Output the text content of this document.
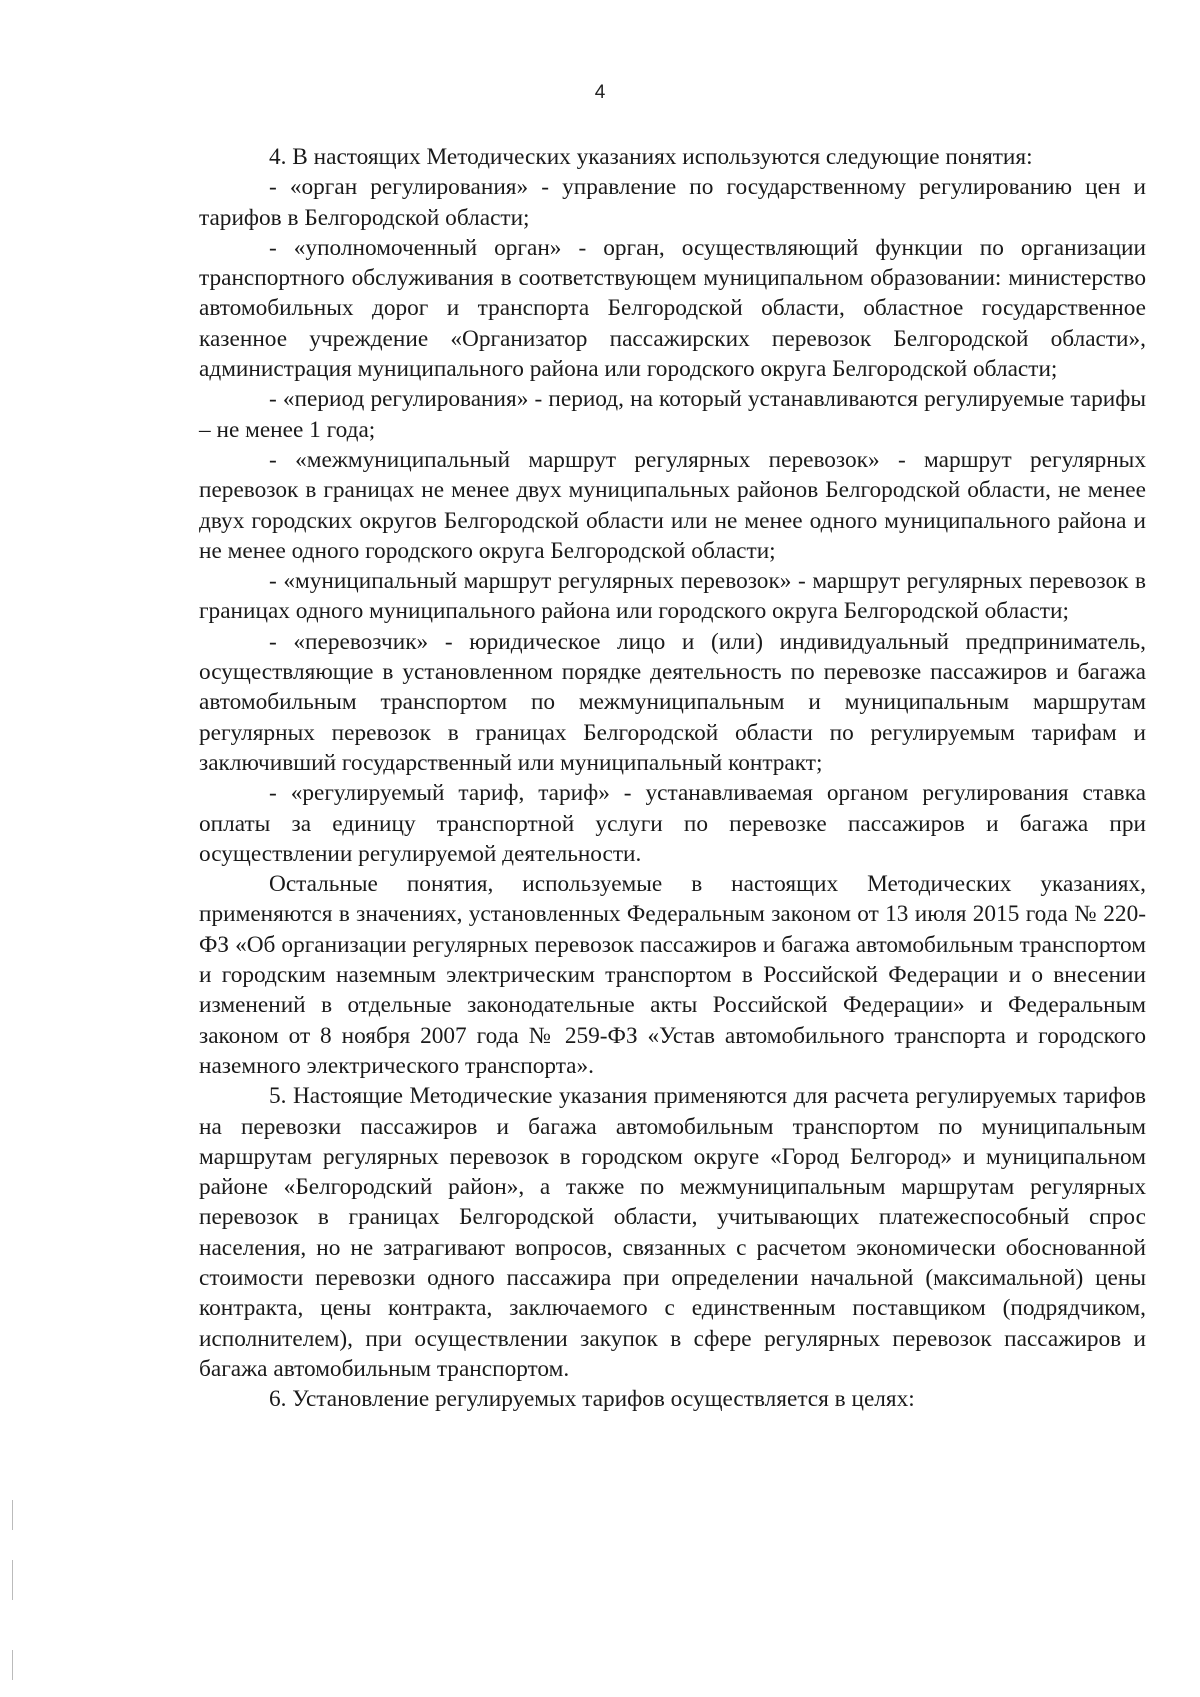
4

4. В настоящих Методических указаниях используются следующие понятия:

- «орган регулирования» - управление по государственному регулированию цен и тарифов в Белгородской области;

- «уполномоченный орган» - орган, осуществляющий функции по организации транспортного обслуживания в соответствующем муниципальном образовании: министерство автомобильных дорог и транспорта Белгородской области, областное государственное казенное учреждение «Организатор пассажирских перевозок Белгородской области», администрация муниципального района или городского округа Белгородской области;

- «период регулирования» - период, на который устанавливаются регулируемые тарифы – не менее 1 года;

- «межмуниципальный маршрут регулярных перевозок» - маршрут регулярных перевозок в границах не менее двух муниципальных районов Белгородской области, не менее двух городских округов Белгородской области или не менее одного муниципального района и не менее одного городского округа Белгородской области;

- «муниципальный маршрут регулярных перевозок» - маршрут регулярных перевозок в границах одного муниципального района или городского округа Белгородской области;

- «перевозчик» - юридическое лицо и (или) индивидуальный предприниматель, осуществляющие в установленном порядке деятельность по перевозке пассажиров и багажа автомобильным транспортом по межмуниципальным и муниципальным маршрутам регулярных перевозок в границах Белгородской области по регулируемым тарифам и заключивший государственный или муниципальный контракт;

- «регулируемый тариф, тариф» - устанавливаемая органом регулирования ставка оплаты за единицу транспортной услуги по перевозке пассажиров и багажа при осуществлении регулируемой деятельности.

Остальные понятия, используемые в настоящих Методических указаниях, применяются в значениях, установленных Федеральным законом от 13 июля 2015 года № 220-ФЗ «Об организации регулярных перевозок пассажиров и багажа автомобильным транспортом и городским наземным электрическим транспортом в Российской Федерации и о внесении изменений в отдельные законодательные акты Российской Федерации» и Федеральным законом от 8 ноября 2007 года № 259-ФЗ «Устав автомобильного транспорта и городского наземного электрического транспорта».

5. Настоящие Методические указания применяются для расчета регулируемых тарифов на перевозки пассажиров и багажа автомобильным транспортом по муниципальным маршрутам регулярных перевозок в городском округе «Город Белгород» и муниципальном районе «Белгородский район», а также по межмуниципальным маршрутам регулярных перевозок в границах Белгородской области, учитывающих платежеспособный спрос населения, но не затрагивают вопросов, связанных с расчетом экономически обоснованной стоимости перевозки одного пассажира при определении начальной (максимальной) цены контракта, цены контракта, заключаемого с единственным поставщиком (подрядчиком, исполнителем), при осуществлении закупок в сфере регулярных перевозок пассажиров и багажа автомобильным транспортом.

6. Установление регулируемых тарифов осуществляется в целях:
